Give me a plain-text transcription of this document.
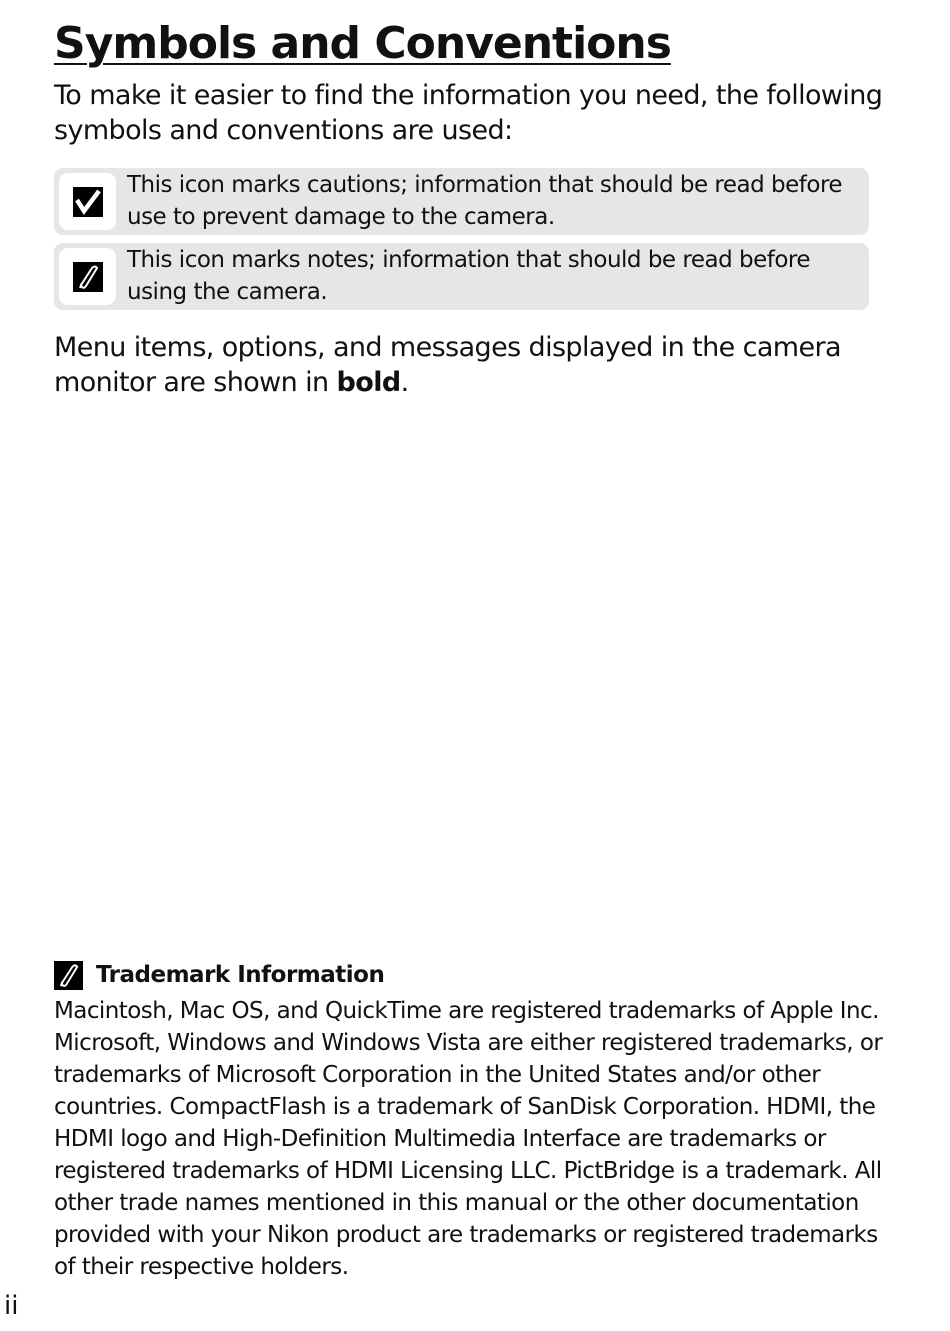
Symbols and Conventions

To make it easier to find the information you need, the following symbols and conventions are used:

This icon marks cautions; information that should be read before use to prevent damage to the camera.

This icon marks notes; information that should be read before using the camera.

Menu items, options, and messages displayed in the camera monitor are shown in bold.

Trademark Information

Macintosh, Mac OS, and QuickTime are registered trademarks of Apple Inc. Microsoft, Windows and Windows Vista are either registered trademarks, or trademarks of Microsoft Corporation in the United States and/or other countries. CompactFlash is a trademark of SanDisk Corporation. HDMI, the HDMI logo and High-Definition Multimedia Interface are trademarks or registered trademarks of HDMI Licensing LLC. PictBridge is a trademark. All other trade names mentioned in this manual or the other documentation provided with your Nikon product are trademarks or registered trademarks of their respective holders.

ii
